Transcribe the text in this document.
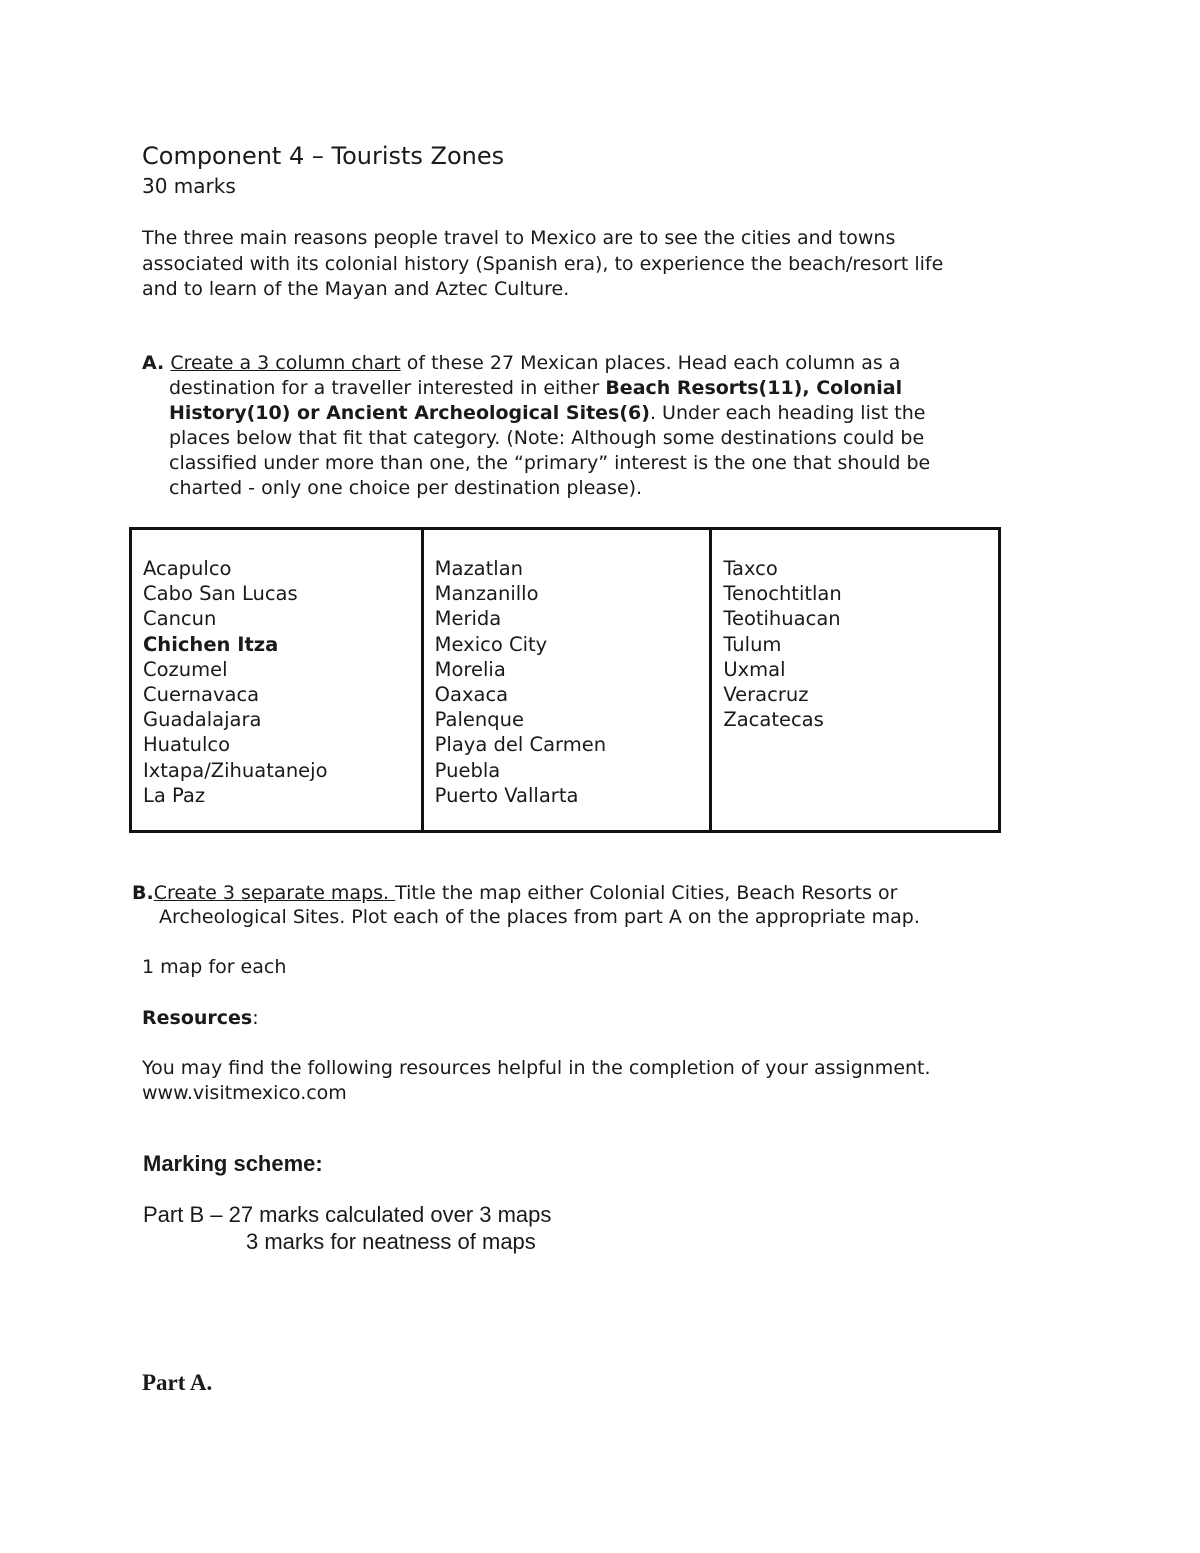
Component 4 – Tourists Zones
30 marks
The three main reasons people travel to Mexico are to see the cities and towns
associated with its colonial history (Spanish era), to experience the beach/resort life
and to learn of the Mayan and Aztec Culture.
A. Create a 3 column chart of these 27 Mexican places. Head each column as a
destination for a traveller interested in either Beach Resorts(11), Colonial
History(10) or Ancient Archeological Sites(6). Under each heading list the
places below that fit that category. (Note: Although some destinations could be
classified under more than one, the “primary” interest is the one that should be
charted - only one choice per destination please).
Acapulco
Cabo San Lucas
Cancun
Chichen Itza
Cozumel
Cuernavaca
Guadalajara
Huatulco
Ixtapa/Zihuatanejo
La Paz
Mazatlan
Manzanillo
Merida
Mexico City
Morelia
Oaxaca
Palenque
Playa del Carmen
Puebla
Puerto Vallarta
Taxco
Tenochtitlan
Teotihuacan
Tulum
Uxmal
Veracruz
Zacatecas
B.Create 3 separate maps. Title the map either Colonial Cities, Beach Resorts or
Archeological Sites. Plot each of the places from part A on the appropriate map.
1 map for each
Resources:
You may find the following resources helpful in the completion of your assignment.
www.visitmexico.com
Marking scheme:
Part B – 27 marks calculated over 3 maps
3 marks for neatness of maps
Part A.
